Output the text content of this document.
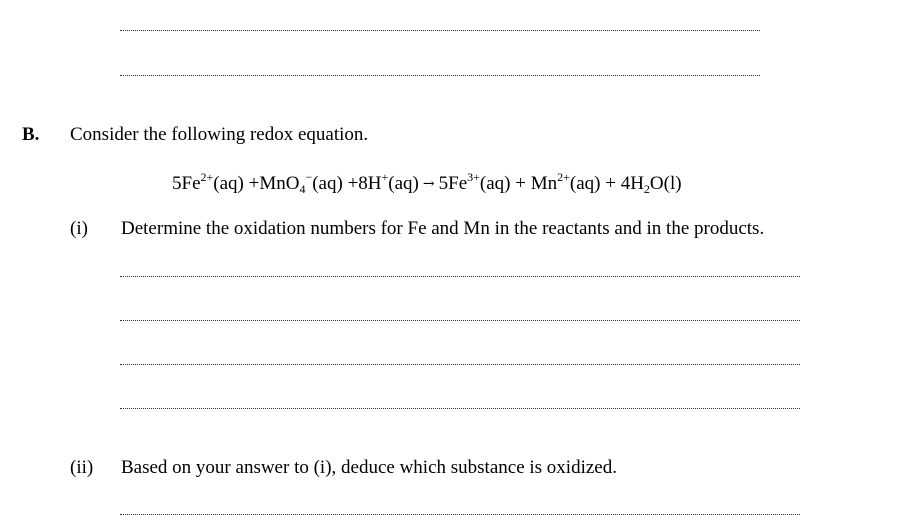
B. Consider the following redox equation.
$5Fe^{2+}(aq) +MnO_4^-(aq) +8H^+(aq) \to 5Fe^{3+}(aq) + Mn^{2+}(aq) + 4H_2O(l)$
(i) Determine the oxidation numbers for Fe and Mn in the reactants and in the products.
(ii) Based on your answer to (i), deduce which substance is oxidized.
